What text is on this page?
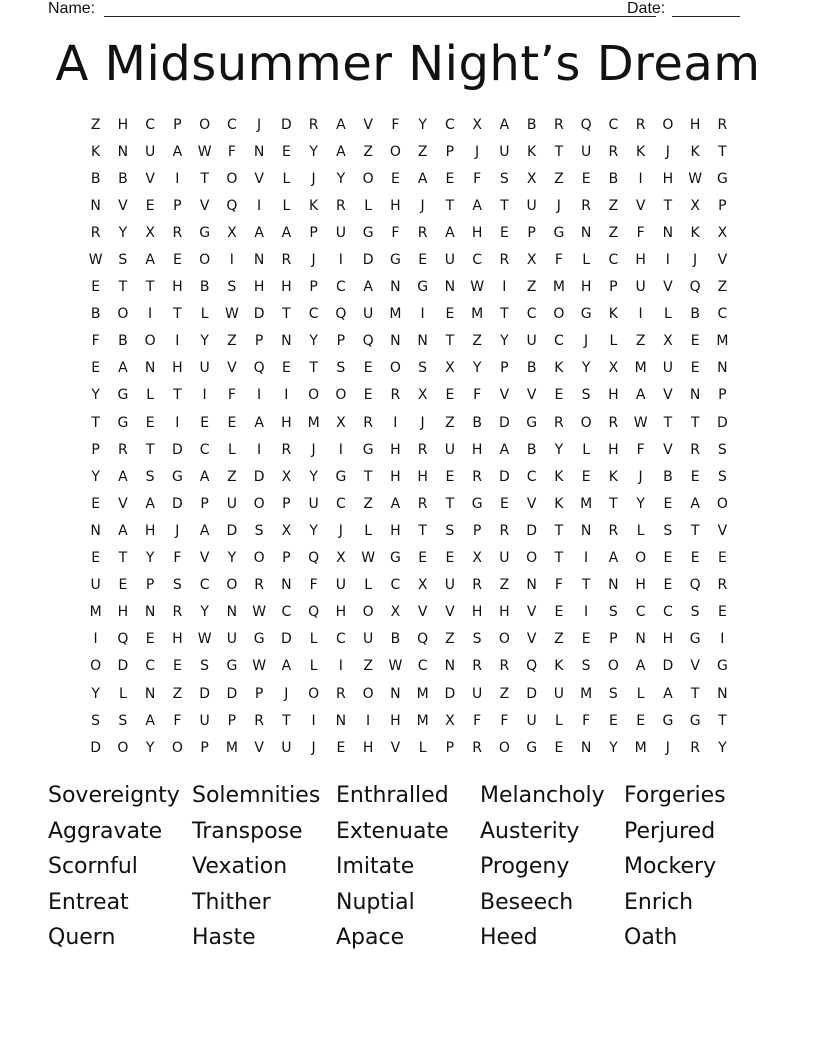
Name:	Date:
A Midsummer Night’s Dream
Z	H	C	P	O	C	J	D	R	A	V	F	Y	C	X	A	B	R	Q	C	R	O	H	R
K	N	U	A	W	F	N	E	Y	A	Z	O	Z	P	J	U	K	T	U	R	K	J	K	T
B	B	V	I	T	O	V	L	J	Y	O	E	A	E	F	S	X	Z	E	B	I	H	W	G
N	V	E	P	V	Q	I	L	K	R	L	H	J	T	A	T	U	J	R	Z	V	T	X	P
R	Y	X	R	G	X	A	A	P	U	G	F	R	A	H	E	P	G	N	Z	F	N	K	X
W	S	A	E	O	I	N	R	J	I	D	G	E	U	C	R	X	F	L	C	H	I	J	V
E	T	T	H	B	S	H	H	P	C	A	N	G	N	W	I	Z	M	H	P	U	V	Q	Z
B	O	I	T	L	W	D	T	C	Q	U	M	I	E	M	T	C	O	G	K	I	L	B	C
F	B	O	I	Y	Z	P	N	Y	P	Q	N	N	T	Z	Y	U	C	J	L	Z	X	E	M
E	A	N	H	U	V	Q	E	T	S	E	O	S	X	Y	P	B	K	Y	X	M	U	E	N
Y	G	L	T	I	F	I	I	O	O	E	R	X	E	F	V	V	E	S	H	A	V	N	P
T	G	E	I	E	E	A	H	M	X	R	I	J	Z	B	D	G	R	O	R	W	T	T	D
P	R	T	D	C	L	I	R	J	I	G	H	R	U	H	A	B	Y	L	H	F	V	R	S
Y	A	S	G	A	Z	D	X	Y	G	T	H	H	E	R	D	C	K	E	K	J	B	E	S
E	V	A	D	P	U	O	P	U	C	Z	A	R	T	G	E	V	K	M	T	Y	E	A	O
N	A	H	J	A	D	S	X	Y	J	L	H	T	S	P	R	D	T	N	R	L	S	T	V
E	T	Y	F	V	Y	O	P	Q	X	W	G	E	E	X	U	O	T	I	A	O	E	E	E
U	E	P	S	C	O	R	N	F	U	L	C	X	U	R	Z	N	F	T	N	H	E	Q	R
M	H	N	R	Y	N	W	C	Q	H	O	X	V	V	H	H	V	E	I	S	C	C	S	E
I	Q	E	H	W	U	G	D	L	C	U	B	Q	Z	S	O	V	Z	E	P	N	H	G	I
O	D	C	E	S	G	W	A	L	I	Z	W	C	N	R	R	Q	K	S	O	A	D	V	G
Y	L	N	Z	D	D	P	J	O	R	O	N	M	D	U	Z	D	U	M	S	L	A	T	N
S	S	A	F	U	P	R	T	I	N	I	H	M	X	F	F	U	L	F	E	E	G	G	T
D	O	Y	O	P	M	V	U	J	E	H	V	L	P	R	O	G	E	N	Y	M	J	R	Y
Sovereignty Solemnities Enthralled	Melancholy Forgeries
Aggravate	Transpose	Extenuate	Austerity	Perjured
Scornful	Vexation	Imitate	Progeny	Mockery
Entreat	Thither	Nuptial	Beseech	Enrich
Quern	Haste	Apace	Heed	Oath
